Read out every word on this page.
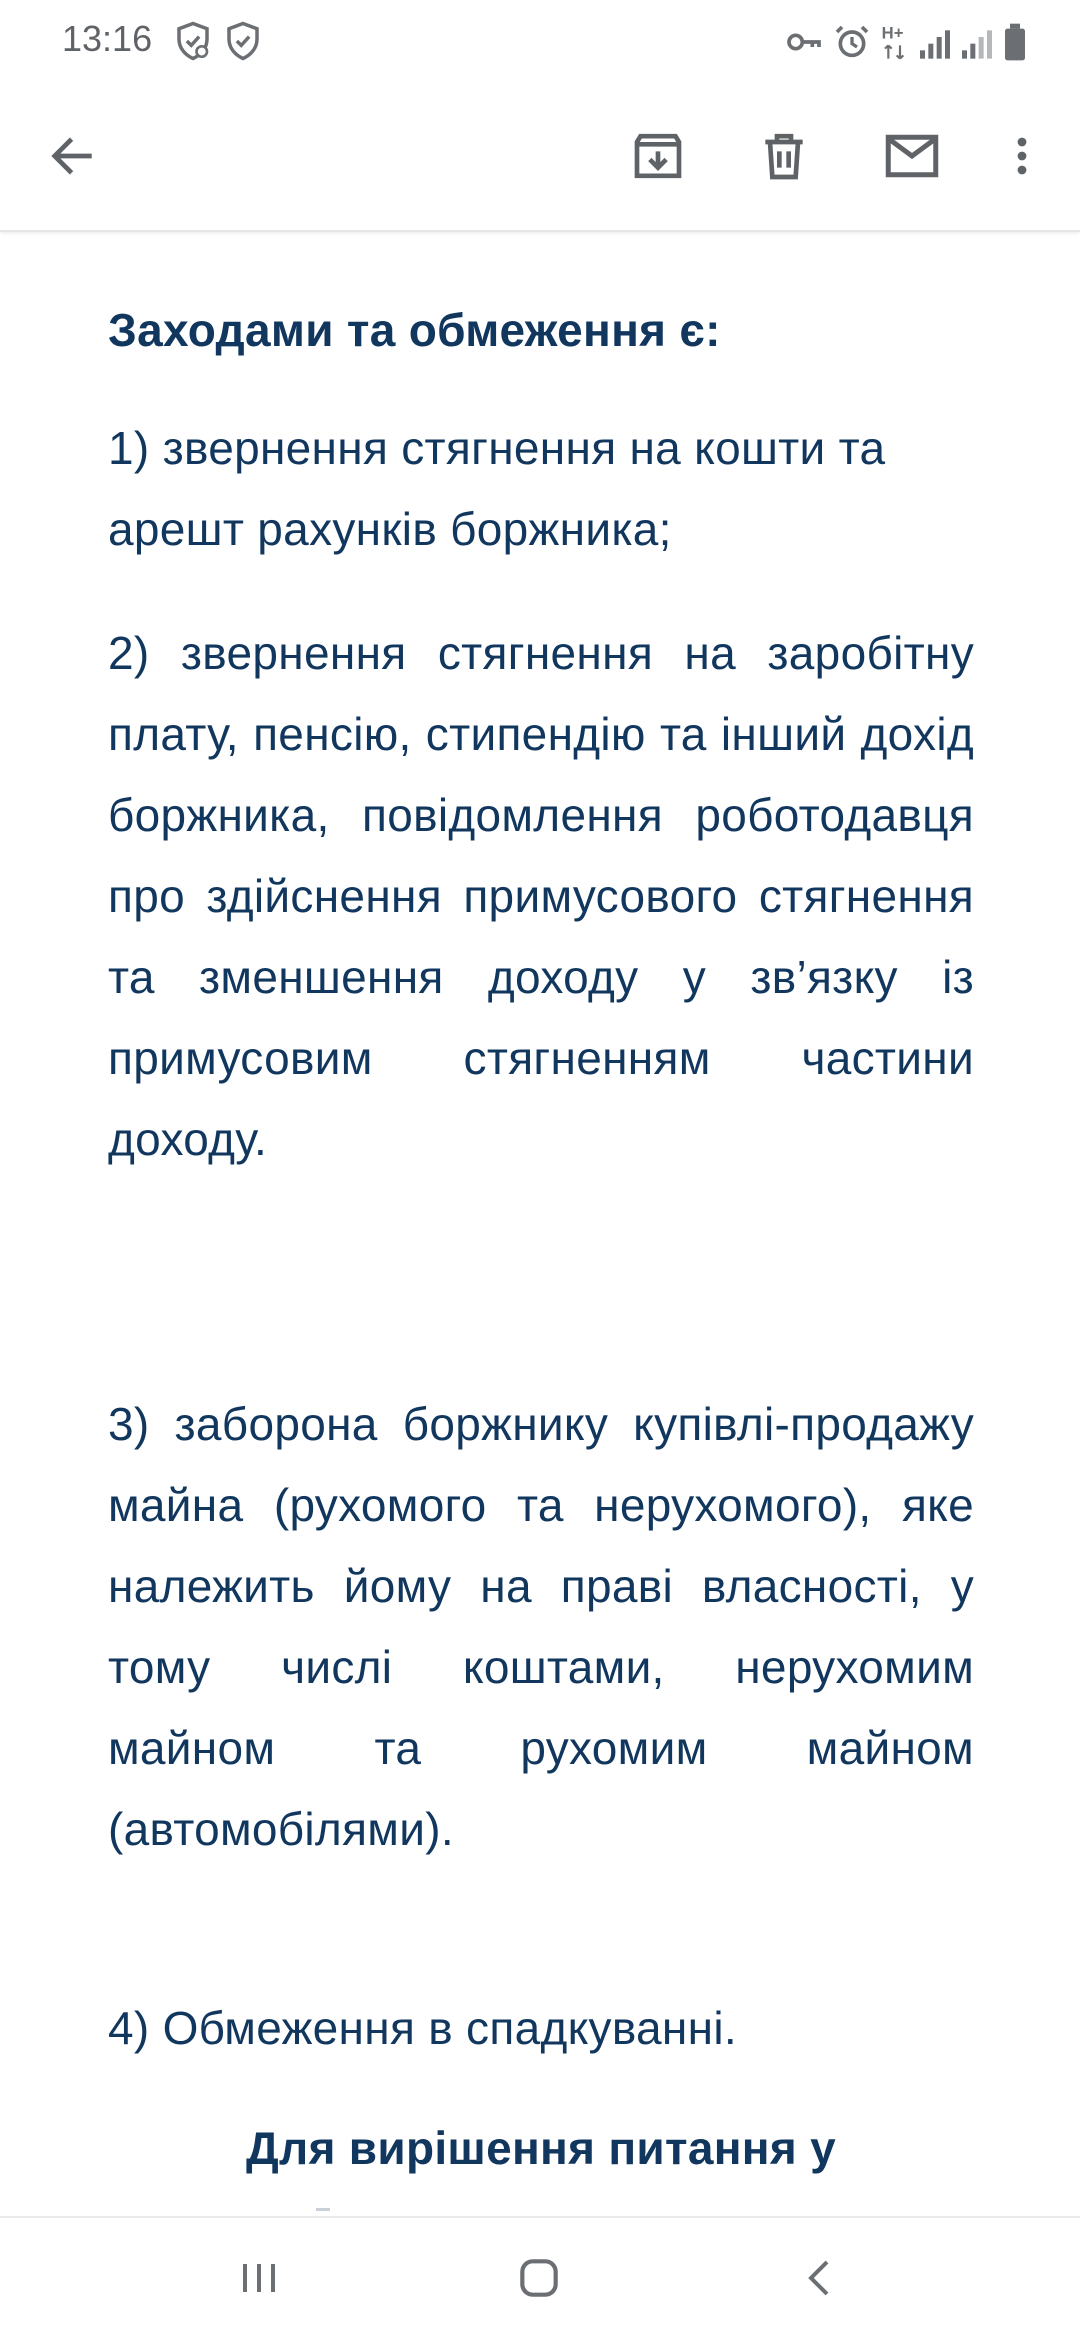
13:16	H+
Заходами та обмеження є:
1) звернення стягнення на кошти та арешт рахунків боржника;
2) звернення стягнення на заробітну плату, пенсію, стипендію та інший дохід боржника, повідомлення роботодавця про здійснення примусового стягнення та зменшення доходу у зв’язку із примусовим стягненням частини доходу.
3) заборона боржнику купівлі-продажу майна (рухомого та нерухомого), яке належить йому на праві власності, у тому числі коштами, нерухомим майном та рухомим майном (автомобілями).
4) Обмеження в спадкуванні.
Для вирішення питання у
